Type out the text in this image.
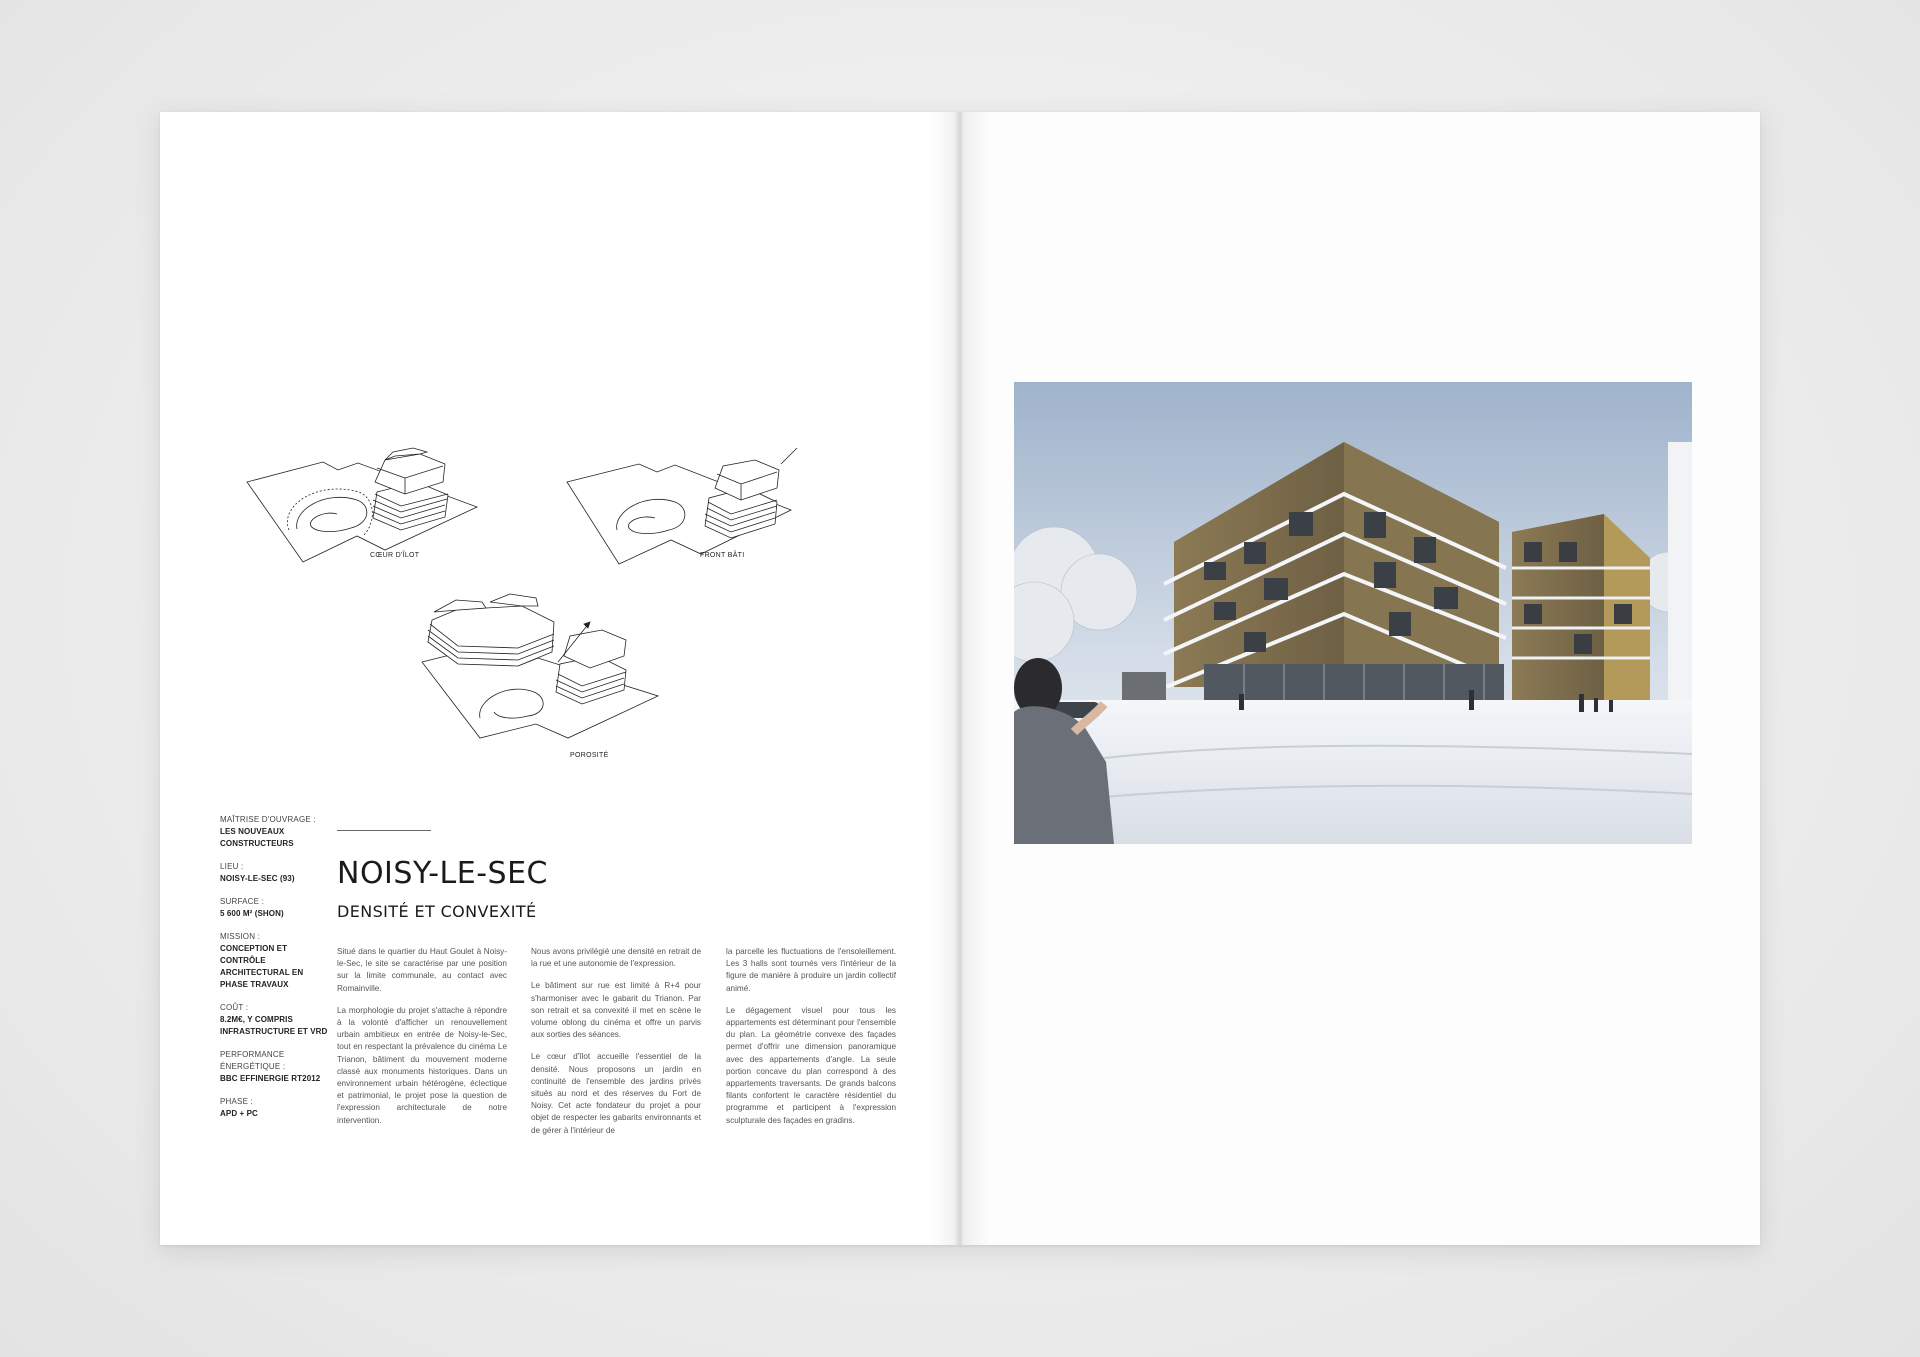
CŒUR D'ÎLOT	FRONT BÂTI
POROSITÉ
MAÎTRISE D'OUVRAGE :
LES NOUVEAUX CONSTRUCTEURS
LIEU :
NOISY-LE-SEC (93)
SURFACE :
5 600 M² (SHON)
MISSION :
CONCEPTION ET CONTRÔLE ARCHITECTURAL EN PHASE TRAVAUX
COÛT :
8.2M€, Y COMPRIS INFRASTRUCTURE ET VRD
PERFORMANCE ÉNERGÉTIQUE :
BBC EFFINERGIE RT2012
PHASE :
APD + PC
NOISY-LE-SEC
DENSITÉ ET CONVEXITÉ

Situé dans le quartier du Haut Goulet à Noisy-le-Sec, le site se caractérise par une position sur la limite communale, au contact avec Romainville.

La morphologie du projet s'attache à répondre à la volonté d'afficher un renouvellement urbain ambitieux en entrée de Noisy-le-Sec, tout en respectant la prévalence du cinéma Le Trianon, bâtiment du mouvement moderne classé aux monuments historiques. Dans un environnement urbain hétérogène, éclectique et patrimonial, le projet pose la question de l'expression architecturale de notre intervention.

Nous avons privilégié une densité en retrait de la rue et une autonomie de l'expression.

Le bâtiment sur rue est limité à R+4 pour s'harmoniser avec le gabarit du Trianon. Par son retrait et sa convexité il met en scène le volume oblong du cinéma et offre un parvis aux sorties des séances.

Le cœur d'îlot accueille l'essentiel de la densité. Nous proposons un jardin en continuité de l'ensemble des jardins privés situés au nord et des réserves du Fort de Noisy. Cet acte fondateur du projet a pour objet de respecter les gabarits environnants et de gérer à l'intérieur de

la parcelle les fluctuations de l'ensoleillement. Les 3 halls sont tournés vers l'intérieur de la figure de manière à produire un jardin collectif animé.

Le dégagement visuel pour tous les appartements est déterminant pour l'ensemble du plan. La géométrie convexe des façades permet d'offrir une dimension panoramique avec des appartements d'angle. La seule portion concave du plan correspond à des appartements traversants. De grands balcons filants confortent le caractère résidentiel du programme et participent à l'expression sculpturale des façades en gradins.
